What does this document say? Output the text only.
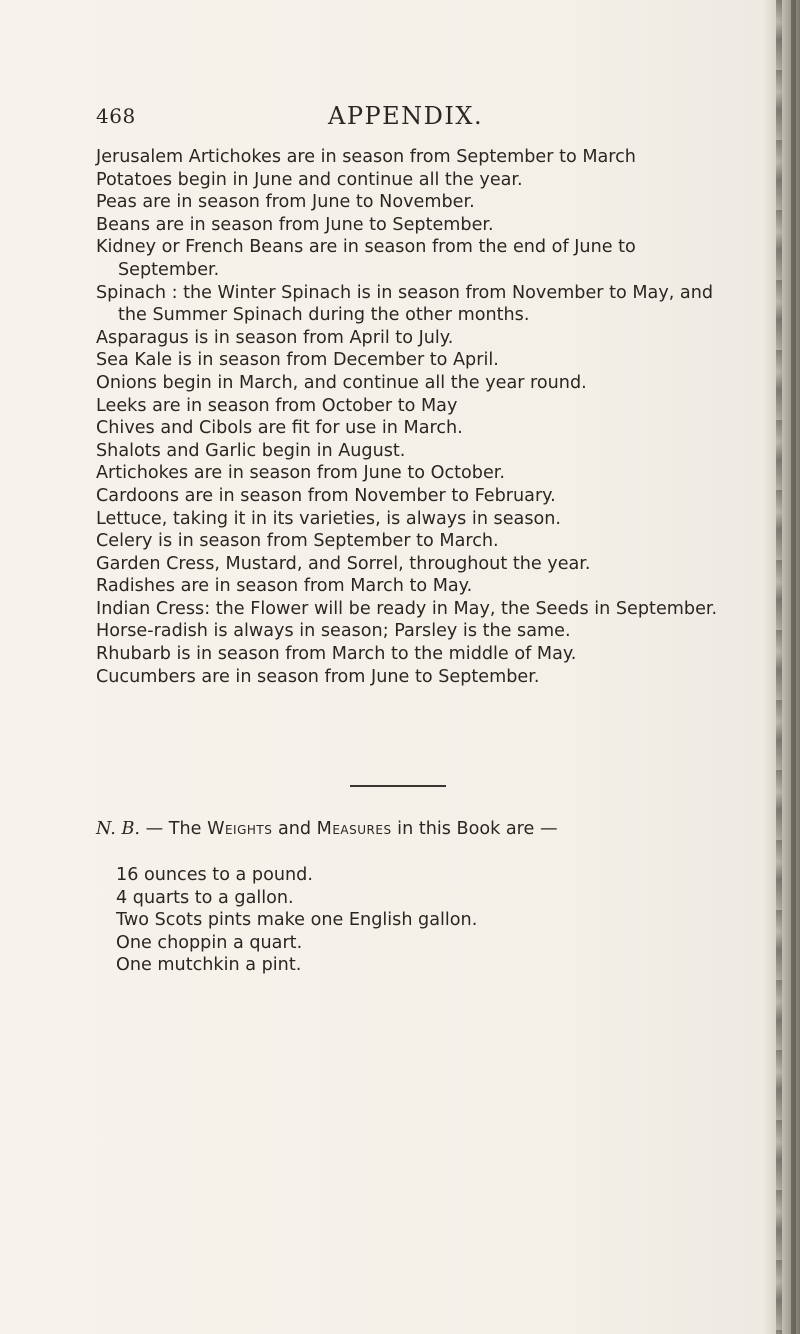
468	APPENDIX.
Jerusalem Artichokes are in season from September to March
Potatoes begin in June and continue all the year.
Peas are in season from June to November.
Beans are in season from June to September.
Kidney or French Beans are in season from the end of June to September.
Spinach : the Winter Spinach is in season from November to May, and the Summer Spinach during the other months.
Asparagus is in season from April to July.
Sea Kale is in season from December to April.
Onions begin in March, and continue all the year round.
Leeks are in season from October to May
Chives and Cibols are fit for use in March.
Shalots and Garlic begin in August.
Artichokes are in season from June to October.
Cardoons are in season from November to February.
Lettuce, taking it in its varieties, is always in season.
Celery is in season from September to March.
Garden Cress, Mustard, and Sorrel, throughout the year.
Radishes are in season from March to May.
Indian Cress: the Flower will be ready in May, the Seeds in September.
Horse-radish is always in season; Parsley is the same.
Rhubarb is in season from March to the middle of May.
Cucumbers are in season from June to September.
N. B. — The Weights and Measures in this Book are —
16 ounces to a pound.
4 quarts to a gallon.
Two Scots pints make one English gallon.
One choppin a quart.
One mutchkin a pint.
